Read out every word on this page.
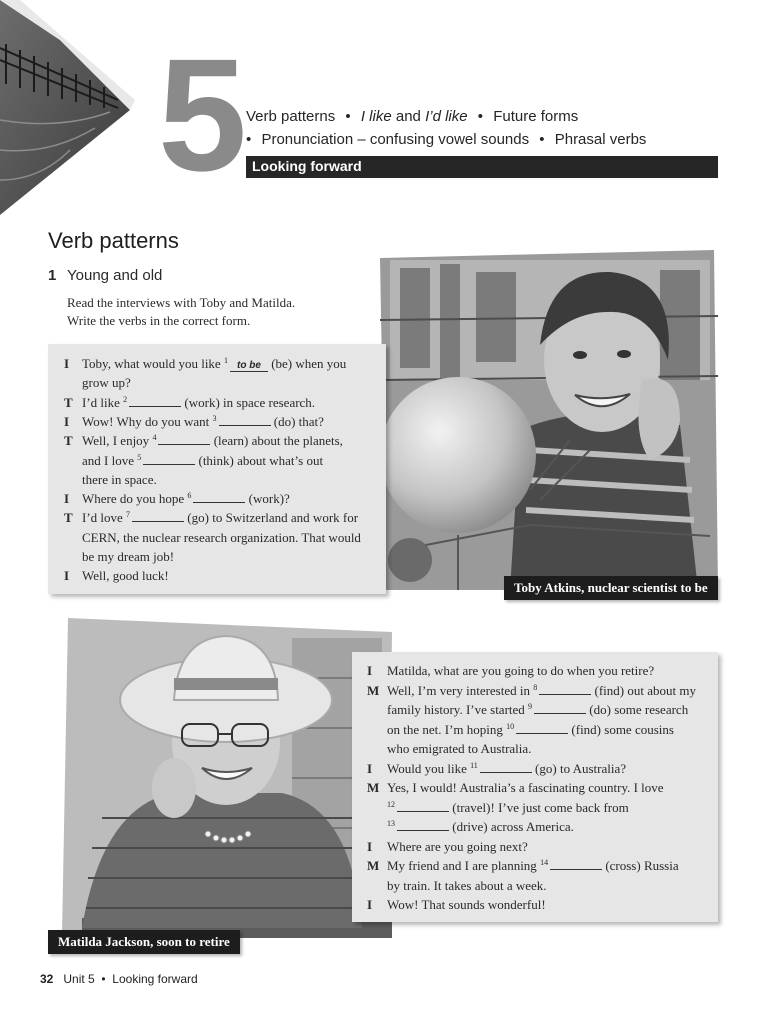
5 Verb patterns • I like and I’d like • Future forms
• Pronunciation – confusing vowel sounds • Phrasal verbs
Looking forward
Verb patterns
1 Young and old
Read the interviews with Toby and Matilda.
Write the verbs in the correct form.
I Toby, what would you like $^1$ to be (be) when you
grow up?
T I’d like $^2$	(work) in space research.
I Wow! Why do you want $^3$	(do) that?
T Well, I enjoy $^4$	(learn) about the planets,
and I love $^5$	(think) about what’s out
there in space.
I Where do you hope $^6$	(work)?
T I’d love $^7$	(go) to Switzerland and work for
CERN, the nuclear research organization. That would
be my dream job!
I Well, good luck!
Toby Atkins, nuclear scientist to be
I Matilda, what are you going to do when you retire?
M Well, I’m very interested in $^8$	(find) out about my
family history. I’ve started $^9$	(do) some research
on the net. I’m hoping $^{10}$	(find) some cousins
who emigrated to Australia.
I Would you like $^{11}$	(go) to Australia?
M Yes, I would! Australia’s a fascinating country. I love
$^{12}$	(travel)! I’ve just come back from
$^{13}$	(drive) across America.
I Where are you going next?
M My friend and I are planning $^{14}$	(cross) Russia
by train. It takes about a week.
I Wow! That sounds wonderful!
Matilda Jackson, soon to retire
32 Unit 5  •  Looking forward
